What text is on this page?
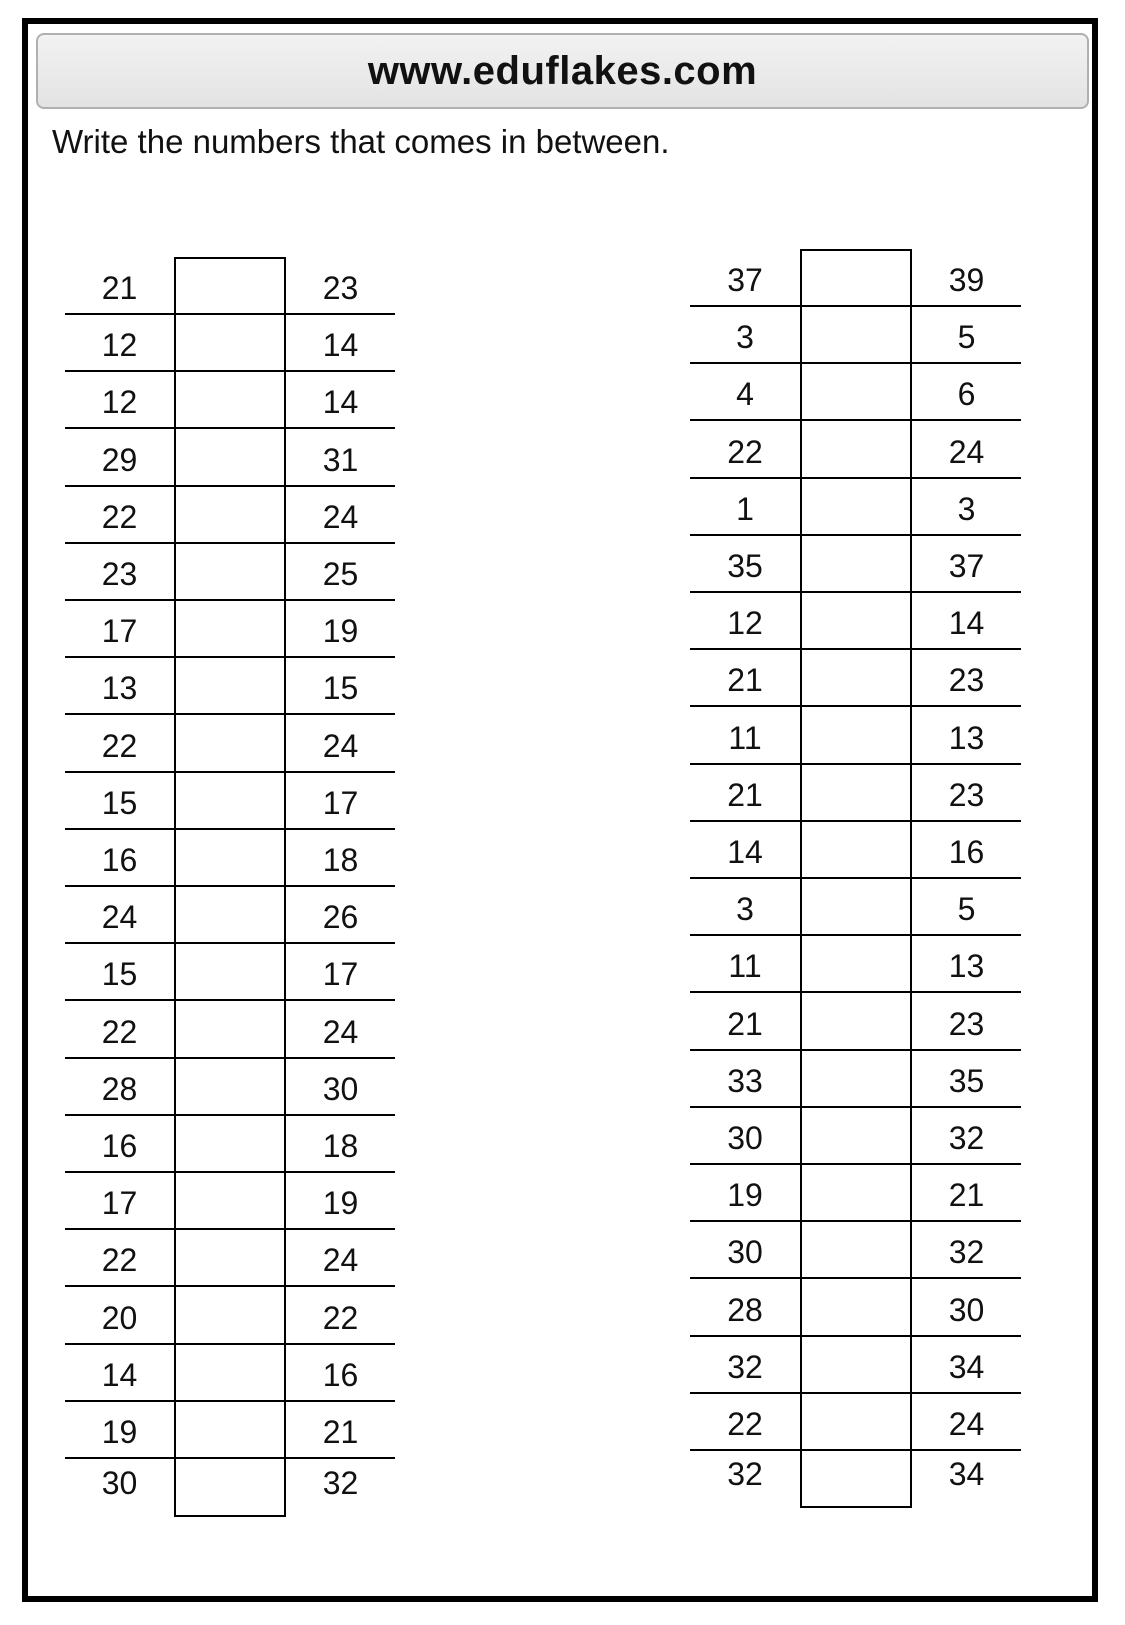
www.eduflakes.com
Write the numbers that comes in between.
21	23
12	14
12	14
29	31
22	24
23	25
17	19
13	15
22	24
15	17
16	18
24	26
15	17
22	24
28	30
16	18
17	19
22	24
20	22
14	16
19	21
30	32
37	39
3	5
4	6
22	24
1	3
35	37
12	14
21	23
11	13
21	23
14	16
3	5
11	13
21	23
33	35
30	32
19	21
30	32
28	30
32	34
22	24
32	34
